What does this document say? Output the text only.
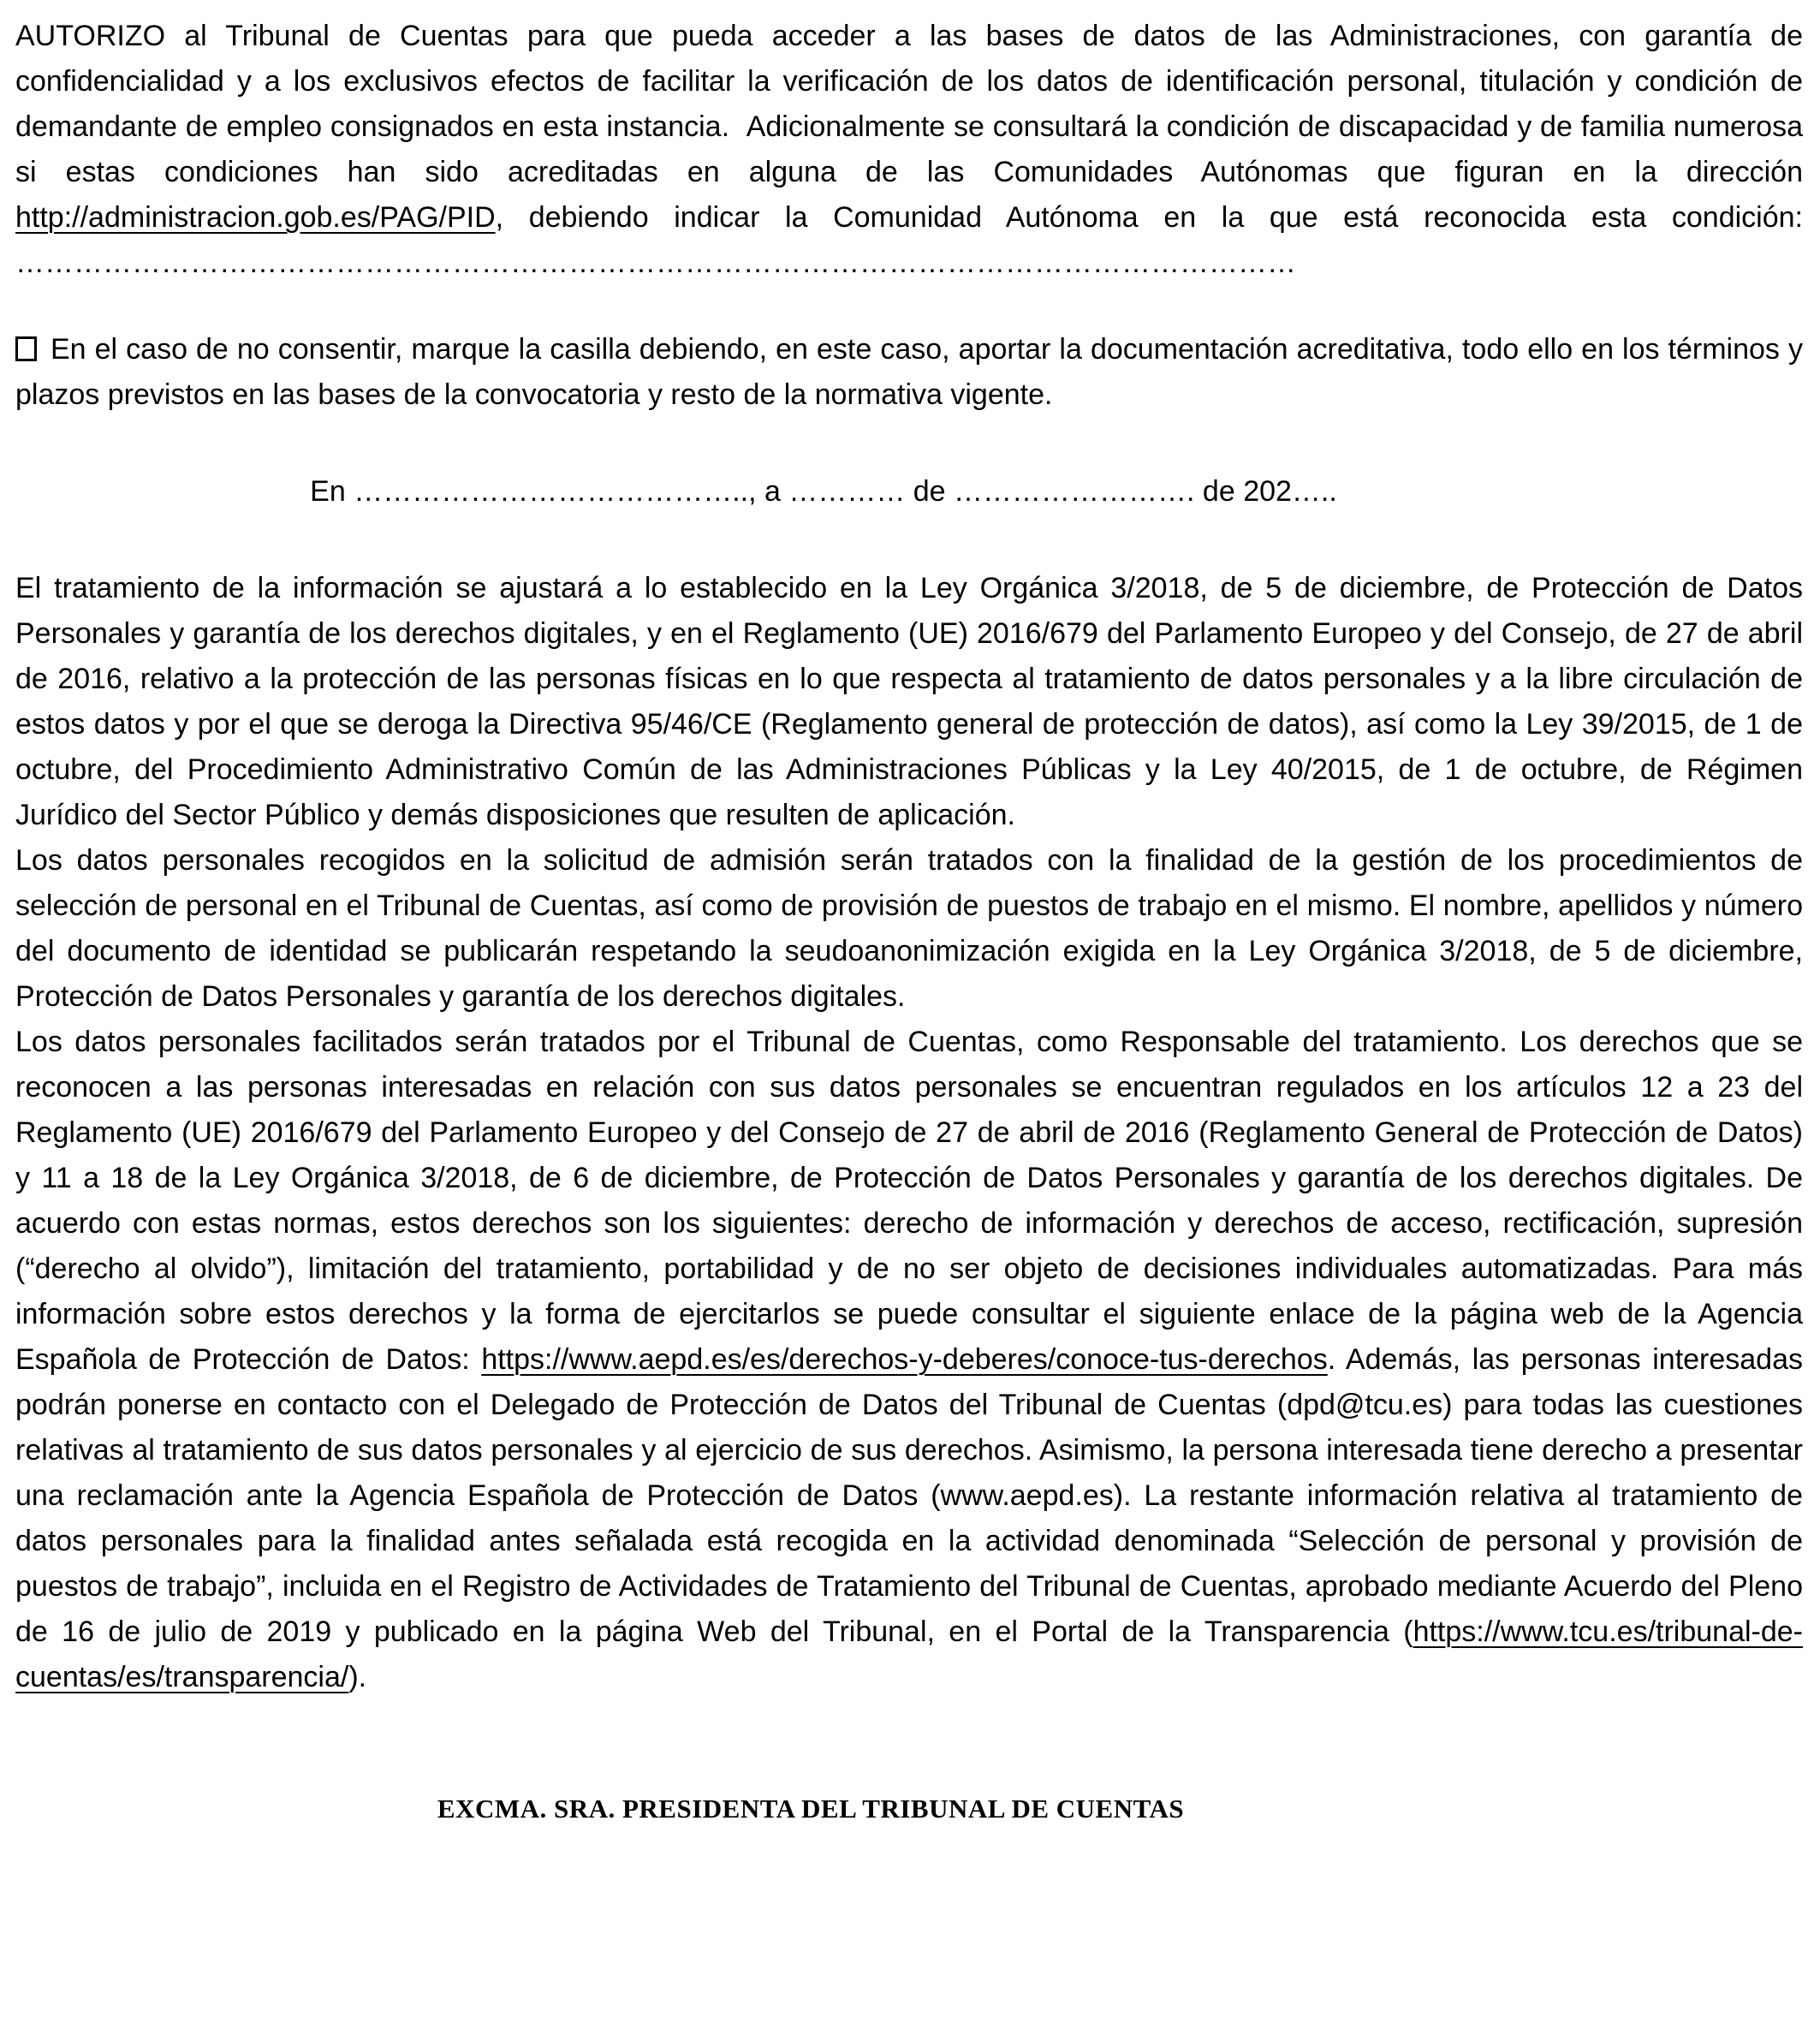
AUTORIZO al Tribunal de Cuentas para que pueda acceder a las bases de datos de las Administraciones, con garantía de confidencialidad y a los exclusivos efectos de facilitar la verificación de los datos de identificación personal, titulación y condición de demandante de empleo consignados en esta instancia.  Adicionalmente se consultará la condición de discapacidad y de familia numerosa si estas condiciones han sido acreditadas en alguna de las Comunidades Autónomas que figuran en la dirección http://administracion.gob.es/PAG/PID, debiendo indicar la Comunidad Autónoma en la que está reconocida esta condición: ……………………………………………………………………………………………………………………

En el caso de no consentir, marque la casilla debiendo, en este caso, aportar la documentación acreditativa, todo ello en los términos y plazos previstos en las bases de la convocatoria y resto de la normativa vigente.

En ………………………………….., a ………… de ……………………. de 202…..

El tratamiento de la información se ajustará a lo establecido en la Ley Orgánica 3/2018, de 5 de diciembre, de Protección de Datos Personales y garantía de los derechos digitales, y en el Reglamento (UE) 2016/679 del Parlamento Europeo y del Consejo, de 27 de abril de 2016, relativo a la protección de las personas físicas en lo que respecta al tratamiento de datos personales y a la libre circulación de estos datos y por el que se deroga la Directiva 95/46/CE (Reglamento general de protección de datos), así como la Ley 39/2015, de 1 de octubre, del Procedimiento Administrativo Común de las Administraciones Públicas y la Ley 40/2015, de 1 de octubre, de Régimen Jurídico del Sector Público y demás disposiciones que resulten de aplicación.

Los datos personales recogidos en la solicitud de admisión serán tratados con la finalidad de la gestión de los procedimientos de selección de personal en el Tribunal de Cuentas, así como de provisión de puestos de trabajo en el mismo. El nombre, apellidos y número del documento de identidad se publicarán respetando la seudoanonimización exigida en la Ley Orgánica 3/2018, de 5 de diciembre, Protección de Datos Personales y garantía de los derechos digitales.

Los datos personales facilitados serán tratados por el Tribunal de Cuentas, como Responsable del tratamiento. Los derechos que se reconocen a las personas interesadas en relación con sus datos personales se encuentran regulados en los artículos 12 a 23 del Reglamento (UE) 2016/679 del Parlamento Europeo y del Consejo de 27 de abril de 2016 (Reglamento General de Protección de Datos) y 11 a 18 de la Ley Orgánica 3/2018, de 6 de diciembre, de Protección de Datos Personales y garantía de los derechos digitales. De acuerdo con estas normas, estos derechos son los siguientes: derecho de información y derechos de acceso, rectificación, supresión (“derecho al olvido”), limitación del tratamiento, portabilidad y de no ser objeto de decisiones individuales automatizadas. Para más información sobre estos derechos y la forma de ejercitarlos se puede consultar el siguiente enlace de la página web de la Agencia Española de Protección de Datos: https://www.aepd.es/es/derechos-y-deberes/conoce-tus-derechos. Además, las personas interesadas podrán ponerse en contacto con el Delegado de Protección de Datos del Tribunal de Cuentas (dpd@tcu.es) para todas las cuestiones relativas al tratamiento de sus datos personales y al ejercicio de sus derechos. Asimismo, la persona interesada tiene derecho a presentar una reclamación ante la Agencia Española de Protección de Datos (www.aepd.es). La restante información relativa al tratamiento de datos personales para la finalidad antes señalada está recogida en la actividad denominada “Selección de personal y provisión de puestos de trabajo”, incluida en el Registro de Actividades de Tratamiento del Tribunal de Cuentas, aprobado mediante Acuerdo del Pleno de 16 de julio de 2019 y publicado en la página Web del Tribunal, en el Portal de la Transparencia (https://www.tcu.es/tribunal-de-cuentas/es/transparencia/).

EXCMA. SRA. PRESIDENTA DEL TRIBUNAL DE CUENTAS
